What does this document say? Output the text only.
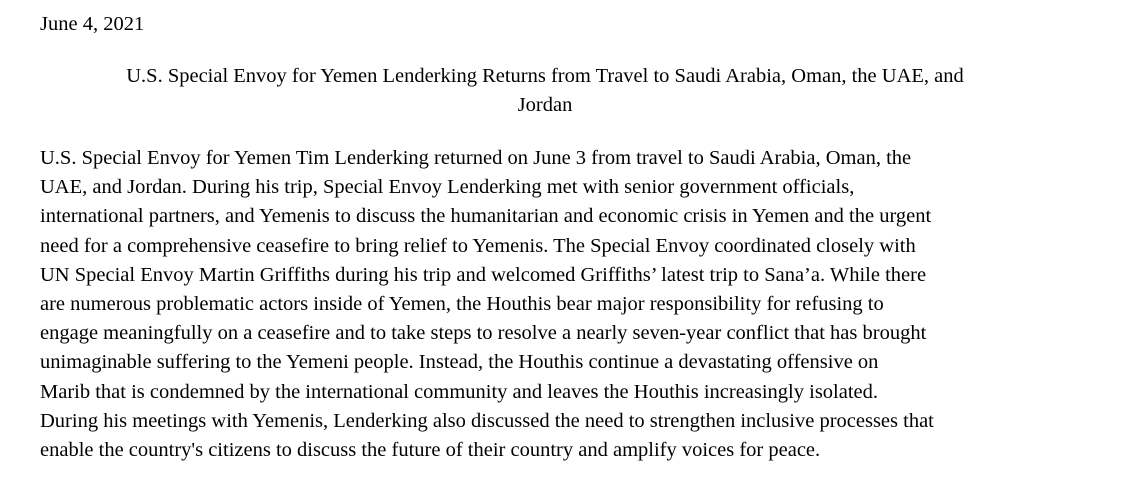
June 4, 2021
U.S. Special Envoy for Yemen Lenderking Returns from Travel to Saudi Arabia, Oman, the UAE, and
Jordan
U.S. Special Envoy for Yemen Tim Lenderking returned on June 3 from travel to Saudi Arabia, Oman, the
UAE, and Jordan. During his trip, Special Envoy Lenderking met with senior government officials,
international partners, and Yemenis to discuss the humanitarian and economic crisis in Yemen and the urgent
need for a comprehensive ceasefire to bring relief to Yemenis. The Special Envoy coordinated closely with
UN Special Envoy Martin Griffiths during his trip and welcomed Griffiths’ latest trip to Sana’a. While there
are numerous problematic actors inside of Yemen, the Houthis bear major responsibility for refusing to
engage meaningfully on a ceasefire and to take steps to resolve a nearly seven-year conflict that has brought
unimaginable suffering to the Yemeni people. Instead, the Houthis continue a devastating offensive on
Marib that is condemned by the international community and leaves the Houthis increasingly isolated.
During his meetings with Yemenis, Lenderking also discussed the need to strengthen inclusive processes that
enable the country's citizens to discuss the future of their country and amplify voices for peace.
